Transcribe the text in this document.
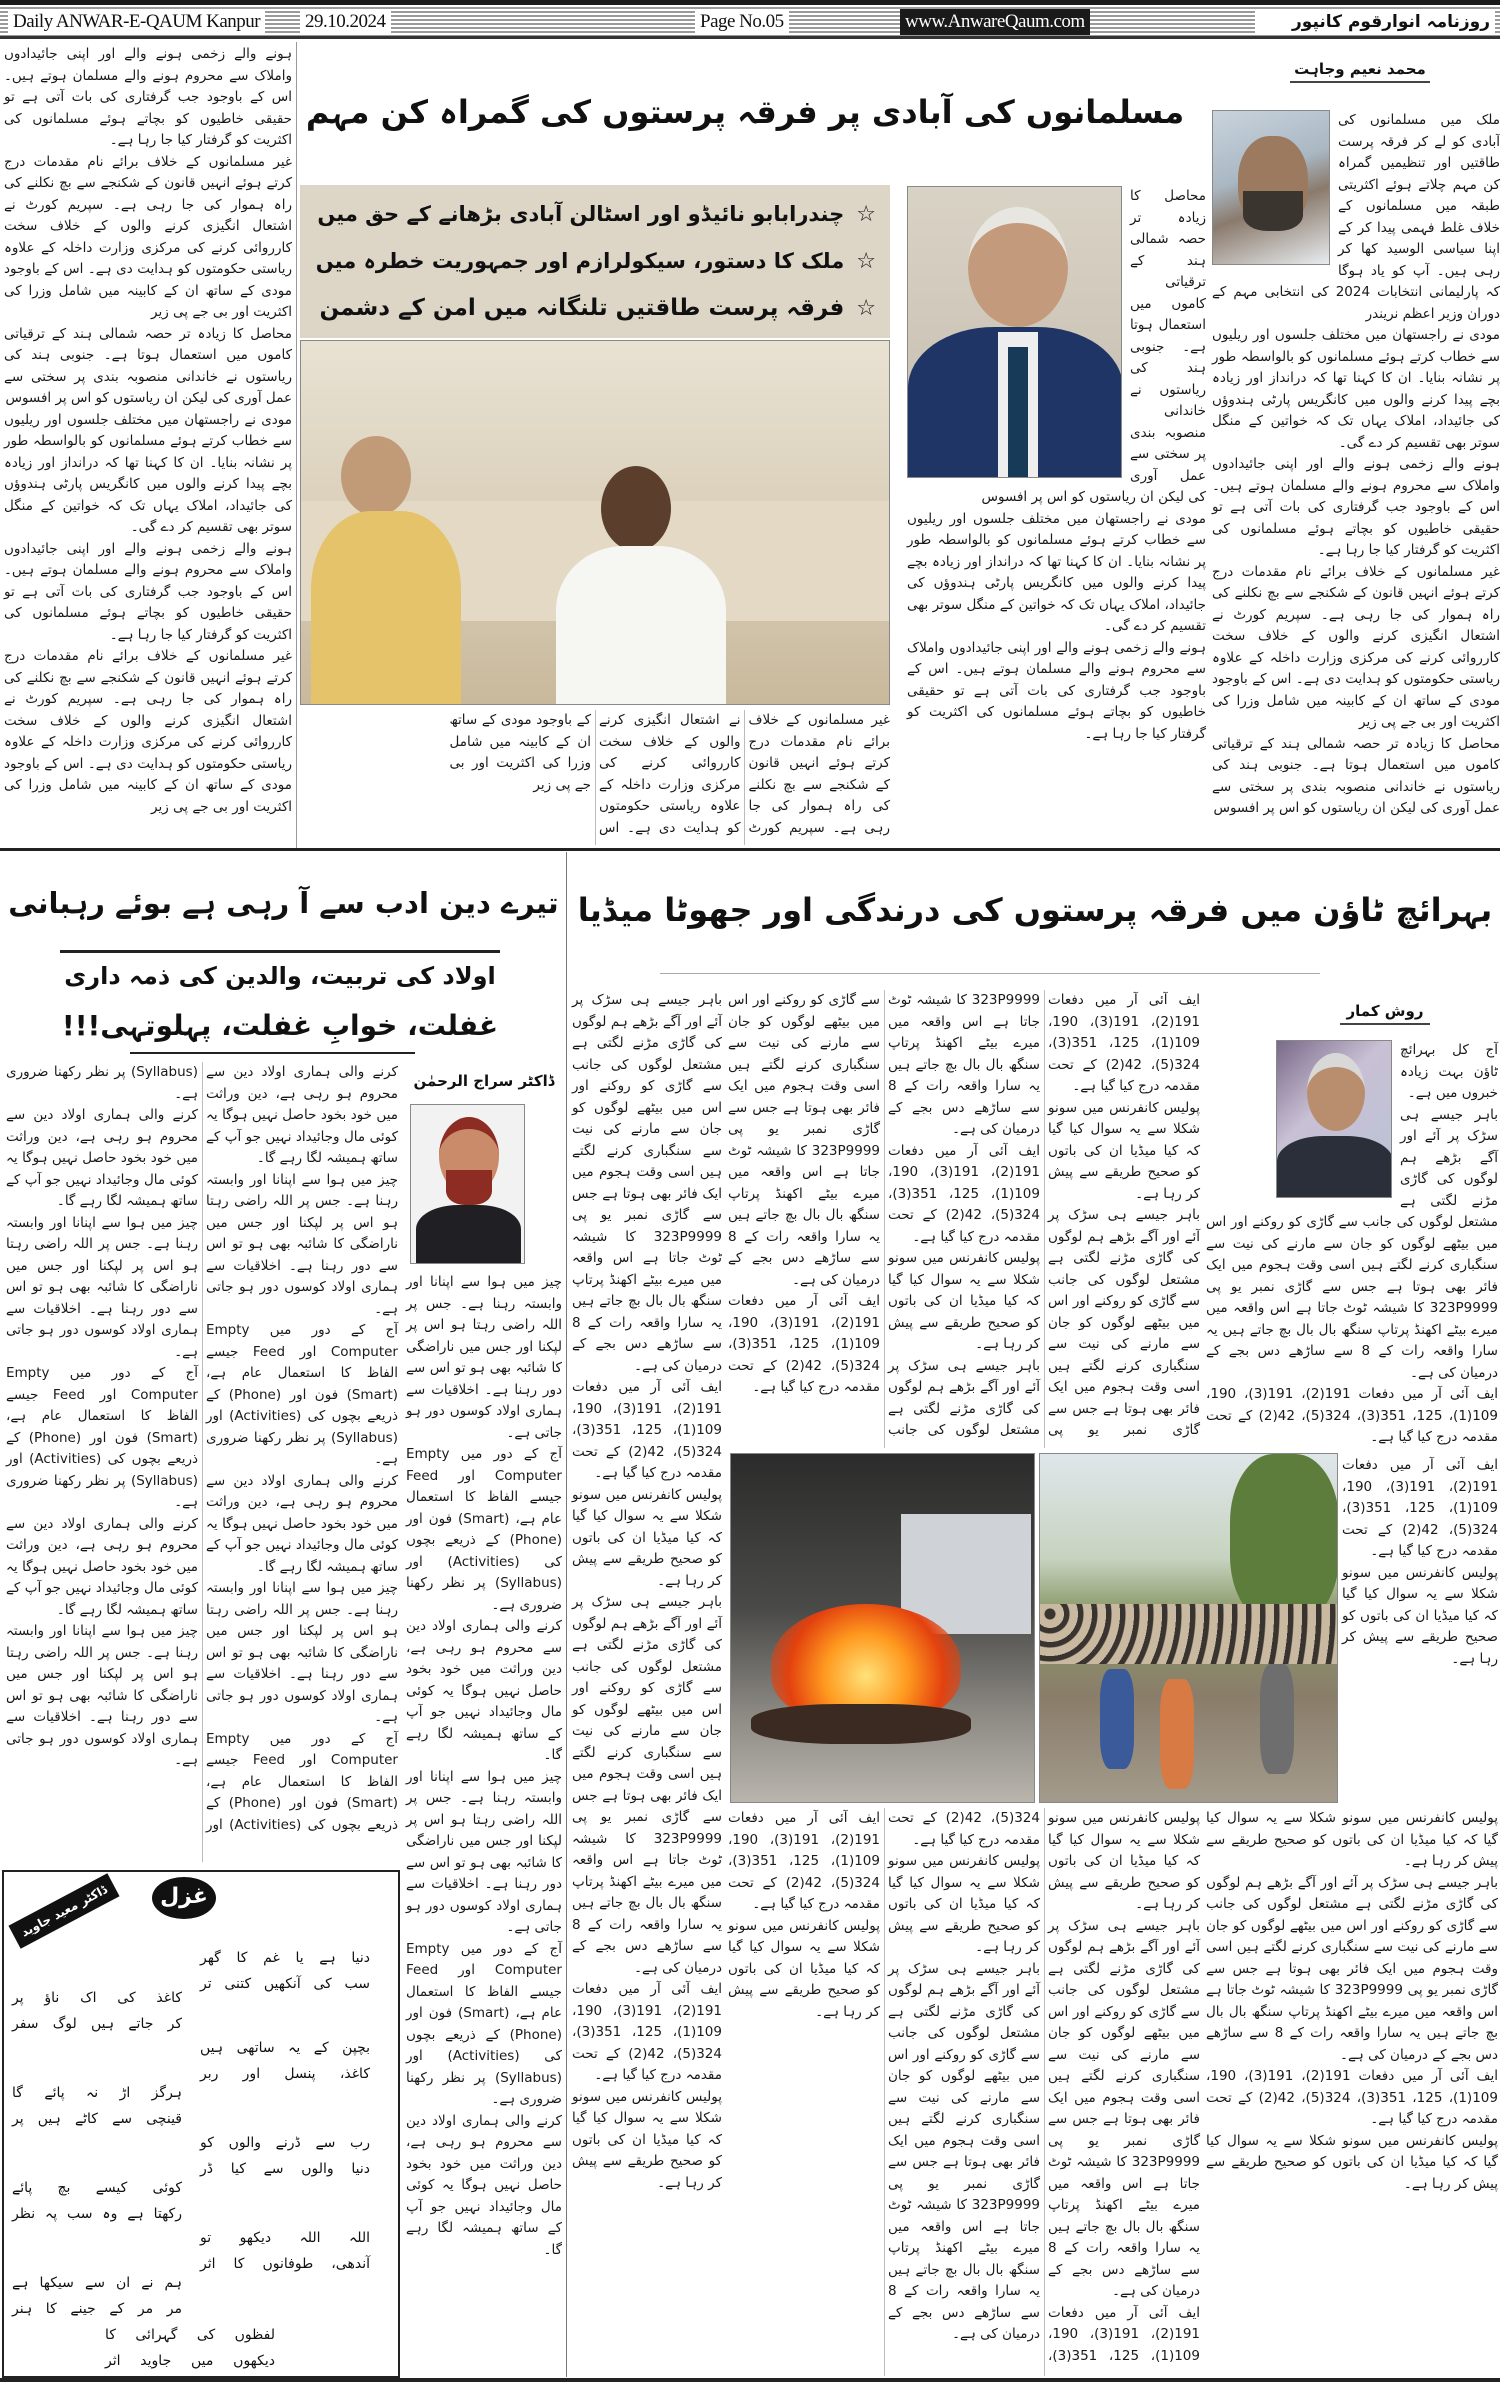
Daily ANWAR-E-QAUM Kanpur 29.10.2024	Page No.05	www.AnwareQaum.com	روزنامہ انوارقوم کانپور
مسلمانوں کی آبادی پر فرقہ پرستوں کی گمراہ کن مہم
محمد نعیم وجاہت

ملک میں مسلمانوں کی آبادی کو لے کر فرقہ پرست طاقتیں اور تنظیمیں گمراہ کن مہم چلاتے ہوئے اکثریتی طبقہ میں مسلمانوں کے خلاف غلط فہمی پیدا کر کے اپنا سیاسی الوسید کھا کر رہی ہیں۔ آپ کو یاد ہوگا کہ پارلیمانی انتخابات 2024 کی انتخابی مہم کے دوران وزیر اعظم نریندر

مودی نے راجستھان میں مختلف جلسوں اور ریلیوں سے خطاب کرتے ہوئے مسلمانوں کو بالواسطہ طور پر نشانہ بنایا۔ ان کا کہنا تھا کہ درانداز اور زیادہ بچے پیدا کرنے والوں میں کانگریس پارٹی ہندوؤں کی جائیداد، املاک یہاں تک کہ خواتین کے منگل سوتر بھی تقسیم کر دے گی۔

ہونے والے زخمی ہونے والے اور اپنی جائیدادوں واملاک سے محروم ہونے والے مسلمان ہوتے ہیں۔ اس کے باوجود جب گرفتاری کی بات آتی ہے تو حقیقی خاطیوں کو بچاتے ہوئے مسلمانوں کی اکثریت کو گرفتار کیا جا رہا ہے۔

غیر مسلمانوں کے خلاف برائے نام مقدمات درج کرتے ہوئے انہیں قانون کے شکنجے سے بچ نکلنے کی راہ ہموار کی جا رہی ہے۔ سپریم کورٹ نے اشتعال انگیزی کرنے والوں کے خلاف سخت کارروائی کرنے کی مرکزی وزارت داخلہ کے علاوہ ریاستی حکومتوں کو ہدایت دی ہے۔ اس کے باوجود مودی کے ساتھ ان کے کابینہ میں شامل وزرا کی اکثریت اور بی جے پی زیر

محاصل کا زیادہ تر حصہ شمالی ہند کے ترقیاتی کاموں میں استعمال ہوتا ہے۔ جنوبی ہند کی ریاستوں نے خاندانی منصوبہ بندی پر سختی سے عمل آوری کی لیکن ان ریاستوں کو اس پر افسوس

☆چندرابابو نائیڈو اور اسٹالن آبادی بڑھانے کے حق میں
☆ملک کا دستور، سیکولرازم اور جمہوریت خطرہ میں
☆فرقہ پرست طاقتیں تلنگانہ میں امن کے دشمن

محاصل کا زیادہ تر حصہ شمالی ہند کے ترقیاتی کاموں میں استعمال ہوتا ہے۔ جنوبی ہند کی ریاستوں نے خاندانی منصوبہ بندی پر سختی سے عمل آوری کی لیکن ان ریاستوں کو اس پر افسوس

مودی نے راجستھان میں مختلف جلسوں اور ریلیوں سے خطاب کرتے ہوئے مسلمانوں کو بالواسطہ طور پر نشانہ بنایا۔ ان کا کہنا تھا کہ درانداز اور زیادہ بچے پیدا کرنے والوں میں کانگریس پارٹی ہندوؤں کی جائیداد، املاک یہاں تک کہ خواتین کے منگل سوتر بھی تقسیم کر دے گی۔

ہونے والے زخمی ہونے والے اور اپنی جائیدادوں واملاک سے محروم ہونے والے مسلمان ہوتے ہیں۔ اس کے باوجود جب گرفتاری کی بات آتی ہے تو حقیقی خاطیوں کو بچاتے ہوئے مسلمانوں کی اکثریت کو گرفتار کیا جا رہا ہے۔

غیر مسلمانوں کے خلاف برائے نام مقدمات درج کرتے ہوئے انہیں قانون کے شکنجے سے بچ نکلنے کی راہ ہموار کی جا رہی ہے۔ سپریم کورٹ نے اشتعال انگیزی کرنے والوں کے خلاف سخت کارروائی کرنے کی مرکزی وزارت داخلہ کے علاوہ ریاستی حکومتوں کو ہدایت دی ہے۔ اس کے باوجود مودی کے ساتھ ان کے کابینہ میں شامل وزرا کی اکثریت اور بی جے پی زیر

ہونے والے زخمی ہونے والے اور اپنی جائیدادوں واملاک سے محروم ہونے والے مسلمان ہوتے ہیں۔ اس کے باوجود جب گرفتاری کی بات آتی ہے تو حقیقی خاطیوں کو بچاتے ہوئے مسلمانوں کی اکثریت کو گرفتار کیا جا رہا ہے۔

غیر مسلمانوں کے خلاف برائے نام مقدمات درج کرتے ہوئے انہیں قانون کے شکنجے سے بچ نکلنے کی راہ ہموار کی جا رہی ہے۔ سپریم کورٹ نے اشتعال انگیزی کرنے والوں کے خلاف سخت کارروائی کرنے کی مرکزی وزارت داخلہ کے علاوہ ریاستی حکومتوں کو ہدایت دی ہے۔ اس کے باوجود مودی کے ساتھ ان کے کابینہ میں شامل وزرا کی اکثریت اور بی جے پی زیر

محاصل کا زیادہ تر حصہ شمالی ہند کے ترقیاتی کاموں میں استعمال ہوتا ہے۔ جنوبی ہند کی ریاستوں نے خاندانی منصوبہ بندی پر سختی سے عمل آوری کی لیکن ان ریاستوں کو اس پر افسوس

مودی نے راجستھان میں مختلف جلسوں اور ریلیوں سے خطاب کرتے ہوئے مسلمانوں کو بالواسطہ طور پر نشانہ بنایا۔ ان کا کہنا تھا کہ درانداز اور زیادہ بچے پیدا کرنے والوں میں کانگریس پارٹی ہندوؤں کی جائیداد، املاک یہاں تک کہ خواتین کے منگل سوتر بھی تقسیم کر دے گی۔

ہونے والے زخمی ہونے والے اور اپنی جائیدادوں واملاک سے محروم ہونے والے مسلمان ہوتے ہیں۔ اس کے باوجود جب گرفتاری کی بات آتی ہے تو حقیقی خاطیوں کو بچاتے ہوئے مسلمانوں کی اکثریت کو گرفتار کیا جا رہا ہے۔

غیر مسلمانوں کے خلاف برائے نام مقدمات درج کرتے ہوئے انہیں قانون کے شکنجے سے بچ نکلنے کی راہ ہموار کی جا رہی ہے۔ سپریم کورٹ نے اشتعال انگیزی کرنے والوں کے خلاف سخت کارروائی کرنے کی مرکزی وزارت داخلہ کے علاوہ ریاستی حکومتوں کو ہدایت دی ہے۔ اس کے باوجود مودی کے ساتھ ان کے کابینہ میں شامل وزرا کی اکثریت اور بی جے پی زیر

تیرے دین ادب سے آ رہی ہے بوئے رہبانی
اولاد کی تربیت، والدین کی ذمہ داری
غفلت، خوابِ غفلت، پہلوتہی!!!
ڈاکٹر سراج الرحمٰن

کرنے والی ہماری اولاد دین سے محروم ہو رہی ہے، دین وراثت میں خود بخود حاصل نہیں ہوگا یہ کوئی مال وجائیداد نہیں جو آپ کے ساتھ ہمیشہ لگا رہے گا۔

چیز میں ہوا سے اپنانا اور وابستہ رہنا ہے۔ جس پر اللہ راضی رہتا ہو اس پر لپکنا اور جس میں ناراضگی کا شائبہ بھی ہو تو اس سے دور رہنا ہے۔ اخلاقیات سے ہماری اولاد کوسوں دور ہو جاتی ہے۔

آج کے دور میں Empty Computer اور Feed جیسے الفاظ کا استعمال عام ہے، (Smart) فون اور (Phone) کے ذریعے بچوں کی (Activities) اور (Syllabus) پر نظر رکھنا ضروری ہے۔

کرنے والی ہماری اولاد دین سے محروم ہو رہی ہے، دین وراثت میں خود بخود حاصل نہیں ہوگا یہ کوئی مال وجائیداد نہیں جو آپ کے ساتھ ہمیشہ لگا رہے گا۔

چیز میں ہوا سے اپنانا اور وابستہ رہنا ہے۔ جس پر اللہ راضی رہتا ہو اس پر لپکنا اور جس میں ناراضگی کا شائبہ بھی ہو تو اس سے دور رہنا ہے۔ اخلاقیات سے ہماری اولاد کوسوں دور ہو جاتی ہے۔

آج کے دور میں Empty Computer اور Feed جیسے الفاظ کا استعمال عام ہے، (Smart) فون اور (Phone) کے ذریعے بچوں کی (Activities) اور (Syllabus) پر نظر رکھنا ضروری ہے۔

کرنے والی ہماری اولاد دین سے محروم ہو رہی ہے، دین وراثت میں خود بخود حاصل نہیں ہوگا یہ کوئی مال وجائیداد نہیں جو آپ کے ساتھ ہمیشہ لگا رہے گا۔

چیز میں ہوا سے اپنانا اور وابستہ رہنا ہے۔ جس پر اللہ راضی رہتا ہو اس پر لپکنا اور جس میں ناراضگی کا شائبہ بھی ہو تو اس سے دور رہنا ہے۔ اخلاقیات سے ہماری اولاد کوسوں دور ہو جاتی ہے۔

آج کے دور میں Empty Computer اور Feed جیسے الفاظ کا استعمال عام ہے، (Smart) فون اور (Phone) کے ذریعے بچوں کی (Activities) اور (Syllabus) پر نظر رکھنا ضروری ہے۔

کرنے والی ہماری اولاد دین سے محروم ہو رہی ہے، دین وراثت میں خود بخود حاصل نہیں ہوگا یہ کوئی مال وجائیداد نہیں جو آپ کے ساتھ ہمیشہ لگا رہے گا۔

چیز میں ہوا سے اپنانا اور وابستہ رہنا ہے۔ جس پر اللہ راضی رہتا ہو اس پر لپکنا اور جس میں ناراضگی کا شائبہ بھی ہو تو اس سے دور رہنا ہے۔ اخلاقیات سے ہماری اولاد کوسوں دور ہو جاتی ہے۔

چیز میں ہوا سے اپنانا اور وابستہ رہنا ہے۔ جس پر اللہ راضی رہتا ہو اس پر لپکنا اور جس میں ناراضگی کا شائبہ بھی ہو تو اس سے دور رہنا ہے۔ اخلاقیات سے ہماری اولاد کوسوں دور ہو جاتی ہے۔

آج کے دور میں Empty Computer اور Feed جیسے الفاظ کا استعمال عام ہے، (Smart) فون اور (Phone) کے ذریعے بچوں کی (Activities) اور (Syllabus) پر نظر رکھنا ضروری ہے۔

کرنے والی ہماری اولاد دین سے محروم ہو رہی ہے، دین وراثت میں خود بخود حاصل نہیں ہوگا یہ کوئی مال وجائیداد نہیں جو آپ کے ساتھ ہمیشہ لگا رہے گا۔

چیز میں ہوا سے اپنانا اور وابستہ رہنا ہے۔ جس پر اللہ راضی رہتا ہو اس پر لپکنا اور جس میں ناراضگی کا شائبہ بھی ہو تو اس سے دور رہنا ہے۔ اخلاقیات سے ہماری اولاد کوسوں دور ہو جاتی ہے۔

آج کے دور میں Empty Computer اور Feed جیسے الفاظ کا استعمال عام ہے، (Smart) فون اور (Phone) کے ذریعے بچوں کی (Activities) اور (Syllabus) پر نظر رکھنا ضروری ہے۔

کرنے والی ہماری اولاد دین سے محروم ہو رہی ہے، دین وراثت میں خود بخود حاصل نہیں ہوگا یہ کوئی مال وجائیداد نہیں جو آپ کے ساتھ ہمیشہ لگا رہے گا۔

غزل
ڈاکٹر معید جاوید
دنیا ہے یا غم کا گھر
سب کی آنکھیں کتنی تر
بچپن کے یہ ساتھی ہیں
کاغذ، پنسل اور ربر
رب سے ڈرنے والوں کو
دنیا والوں سے کیا ڈر
اللہ اللہ دیکھو تو
آندھی، طوفانوں کا اثر
کاغذ کی اک ناؤ پر
کر جاتے ہیں لوگ سفر
ہرگز اڑ نہ پائے گا
قینچی سے کاٹے ہیں پر
کوئی کیسے بچ پائے
رکھتا ہے وہ سب پہ نظر
ہم نے ان سے سیکھا ہے
مر مر کے جینے کا ہنر
لفظوں کی گہرائی کا
دیکھوں میں جاوید اثر
بہرائچ ٹاؤن میں فرقہ پرستوں کی درندگی اور جھوٹا میڈیا
روش کمار

آج کل بہرائچ ٹاؤن بہت زیادہ خبروں میں ہے۔

باہر جیسے ہی سڑک پر آئے اور آگے بڑھے ہم لوگوں کی گاڑی مڑنے لگتی ہے مشتعل لوگوں کی جانب سے گاڑی کو روکنے اور اس میں بیٹھے لوگوں کو جان سے مارنے کی نیت سے سنگباری کرنے لگتے ہیں اسی وقت ہجوم میں ایک فائر بھی ہوتا ہے جس سے گاڑی نمبر یو پی 323P9999 کا شیشہ ٹوٹ جاتا ہے اس واقعہ میں میرے بیٹے اکھنڈ پرتاپ سنگھ بال بال بچ جاتے ہیں یہ سارا واقعہ رات کے 8 سے ساڑھے دس بجے کے درمیان کی ہے۔

ایف آئی آر میں دفعات 191(2)، 191(3)، 190، 109(1)، 125، 351(3)، 324(5)، 42(2) کے تحت مقدمہ درج کیا گیا ہے۔

ایف آئی آر میں دفعات 191(2)، 191(3)، 190، 109(1)، 125، 351(3)، 324(5)، 42(2) کے تحت مقدمہ درج کیا گیا ہے۔

پولیس کانفرنس میں سونو شکلا سے یہ سوال کیا گیا کہ کیا میڈیا ان کی باتوں کو صحیح طریقے سے پیش کر رہا ہے۔

پولیس کانفرنس میں سونو شکلا سے یہ سوال کیا گیا کہ کیا میڈیا ان کی باتوں کو صحیح طریقے سے پیش کر رہا ہے۔

باہر جیسے ہی سڑک پر آئے اور آگے بڑھے ہم لوگوں کی گاڑی مڑنے لگتی ہے مشتعل لوگوں کی جانب سے گاڑی کو روکنے اور اس میں بیٹھے لوگوں کو جان سے مارنے کی نیت سے سنگباری کرنے لگتے ہیں اسی وقت ہجوم میں ایک فائر بھی ہوتا ہے جس سے گاڑی نمبر یو پی 323P9999 کا شیشہ ٹوٹ جاتا ہے اس واقعہ میں میرے بیٹے اکھنڈ پرتاپ سنگھ بال بال بچ جاتے ہیں یہ سارا واقعہ رات کے 8 سے ساڑھے دس بجے کے درمیان کی ہے۔

ایف آئی آر میں دفعات 191(2)، 191(3)، 190، 109(1)، 125، 351(3)، 324(5)، 42(2) کے تحت مقدمہ درج کیا گیا ہے۔

پولیس کانفرنس میں سونو شکلا سے یہ سوال کیا گیا کہ کیا میڈیا ان کی باتوں کو صحیح طریقے سے پیش کر رہا ہے۔

ایف آئی آر میں دفعات 191(2)، 191(3)، 190، 109(1)، 125، 351(3)، 324(5)، 42(2) کے تحت مقدمہ درج کیا گیا ہے۔

پولیس کانفرنس میں سونو شکلا سے یہ سوال کیا گیا کہ کیا میڈیا ان کی باتوں کو صحیح طریقے سے پیش کر رہا ہے۔

باہر جیسے ہی سڑک پر آئے اور آگے بڑھے ہم لوگوں کی گاڑی مڑنے لگتی ہے مشتعل لوگوں کی جانب سے گاڑی کو روکنے اور اس میں بیٹھے لوگوں کو جان سے مارنے کی نیت سے سنگباری کرنے لگتے ہیں اسی وقت ہجوم میں ایک فائر بھی ہوتا ہے جس سے گاڑی نمبر یو پی 323P9999 کا شیشہ ٹوٹ جاتا ہے اس واقعہ میں میرے بیٹے اکھنڈ پرتاپ سنگھ بال بال بچ جاتے ہیں یہ سارا واقعہ رات کے 8 سے ساڑھے دس بجے کے درمیان کی ہے۔

ایف آئی آر میں دفعات 191(2)، 191(3)، 190، 109(1)، 125، 351(3)، 324(5)، 42(2) کے تحت مقدمہ درج کیا گیا ہے۔

پولیس کانفرنس میں سونو شکلا سے یہ سوال کیا گیا کہ کیا میڈیا ان کی باتوں کو صحیح طریقے سے پیش کر رہا ہے۔

باہر جیسے ہی سڑک پر آئے اور آگے بڑھے ہم لوگوں کی گاڑی مڑنے لگتی ہے مشتعل لوگوں کی جانب سے گاڑی کو روکنے اور اس میں بیٹھے لوگوں کو جان سے مارنے کی نیت سے سنگباری کرنے لگتے ہیں اسی وقت ہجوم میں ایک فائر بھی ہوتا ہے جس سے گاڑی نمبر یو پی 323P9999 کا شیشہ ٹوٹ جاتا ہے اس واقعہ میں میرے بیٹے اکھنڈ پرتاپ سنگھ بال بال بچ جاتے ہیں یہ سارا واقعہ رات کے 8 سے ساڑھے دس بجے کے درمیان کی ہے۔

ایف آئی آر میں دفعات 191(2)، 191(3)، 190، 109(1)، 125، 351(3)، 324(5)، 42(2) کے تحت مقدمہ درج کیا گیا ہے۔

پولیس کانفرنس میں سونو شکلا سے یہ سوال کیا گیا کہ کیا میڈیا ان کی باتوں کو صحیح طریقے سے پیش کر رہا ہے۔

باہر جیسے ہی سڑک پر آئے اور آگے بڑھے ہم لوگوں کی گاڑی مڑنے لگتی ہے مشتعل لوگوں کی جانب سے گاڑی کو روکنے اور اس میں بیٹھے لوگوں کو جان سے مارنے کی نیت سے سنگباری کرنے لگتے ہیں اسی وقت ہجوم میں ایک فائر بھی ہوتا ہے جس سے گاڑی نمبر یو پی 323P9999 کا شیشہ ٹوٹ جاتا ہے اس واقعہ میں میرے بیٹے اکھنڈ پرتاپ سنگھ بال بال بچ جاتے ہیں یہ سارا واقعہ رات کے 8 سے ساڑھے دس بجے کے درمیان کی ہے۔

ایف آئی آر میں دفعات 191(2)، 191(3)، 190، 109(1)، 125، 351(3)، 324(5)، 42(2) کے تحت مقدمہ درج کیا گیا ہے۔

پولیس کانفرنس میں سونو شکلا سے یہ سوال کیا گیا کہ کیا میڈیا ان کی باتوں کو صحیح طریقے سے پیش کر رہا ہے۔

باہر جیسے ہی سڑک پر آئے اور آگے بڑھے ہم لوگوں کی گاڑی مڑنے لگتی ہے مشتعل لوگوں کی جانب سے گاڑی کو روکنے اور اس میں بیٹھے لوگوں کو جان سے مارنے کی نیت سے سنگباری کرنے لگتے ہیں اسی وقت ہجوم میں ایک فائر بھی ہوتا ہے جس سے گاڑی نمبر یو پی 323P9999 کا شیشہ ٹوٹ جاتا ہے اس واقعہ میں میرے بیٹے اکھنڈ پرتاپ سنگھ بال بال بچ جاتے ہیں یہ سارا واقعہ رات کے 8 سے ساڑھے دس بجے کے درمیان کی ہے۔

ایف آئی آر میں دفعات 191(2)، 191(3)، 190، 109(1)، 125، 351(3)، 324(5)، 42(2) کے تحت مقدمہ درج کیا گیا ہے۔

پولیس کانفرنس میں سونو شکلا سے یہ سوال کیا گیا کہ کیا میڈیا ان کی باتوں کو صحیح طریقے سے پیش کر رہا ہے۔

باہر جیسے ہی سڑک پر آئے اور آگے بڑھے ہم لوگوں کی گاڑی مڑنے لگتی ہے مشتعل لوگوں کی جانب سے گاڑی کو روکنے اور اس میں بیٹھے لوگوں کو جان سے مارنے کی نیت سے سنگباری کرنے لگتے ہیں اسی وقت ہجوم میں ایک فائر بھی ہوتا ہے جس سے گاڑی نمبر یو پی 323P9999 کا شیشہ ٹوٹ جاتا ہے اس واقعہ میں میرے بیٹے اکھنڈ پرتاپ سنگھ بال بال بچ جاتے ہیں یہ سارا واقعہ رات کے 8 سے ساڑھے دس بجے کے درمیان کی ہے۔

ایف آئی آر میں دفعات 191(2)، 191(3)، 190، 109(1)، 125، 351(3)، 324(5)، 42(2) کے تحت مقدمہ درج کیا گیا ہے۔

پولیس کانفرنس میں سونو شکلا سے یہ سوال کیا گیا کہ کیا میڈیا ان کی باتوں کو صحیح طریقے سے پیش کر رہا ہے۔

باہر جیسے ہی سڑک پر آئے اور آگے بڑھے ہم لوگوں کی گاڑی مڑنے لگتی ہے مشتعل لوگوں کی جانب سے گاڑی کو روکنے اور اس میں بیٹھے لوگوں کو جان سے مارنے کی نیت سے سنگباری کرنے لگتے ہیں اسی وقت ہجوم میں ایک فائر بھی ہوتا ہے جس سے گاڑی نمبر یو پی 323P9999 کا شیشہ ٹوٹ جاتا ہے اس واقعہ میں میرے بیٹے اکھنڈ پرتاپ سنگھ بال بال بچ جاتے ہیں یہ سارا واقعہ رات کے 8 سے ساڑھے دس بجے کے درمیان کی ہے۔

ایف آئی آر میں دفعات 191(2)، 191(3)، 190، 109(1)، 125، 351(3)، 324(5)، 42(2) کے تحت مقدمہ درج کیا گیا ہے۔

پولیس کانفرنس میں سونو شکلا سے یہ سوال کیا گیا کہ کیا میڈیا ان کی باتوں کو صحیح طریقے سے پیش کر رہا ہے۔
